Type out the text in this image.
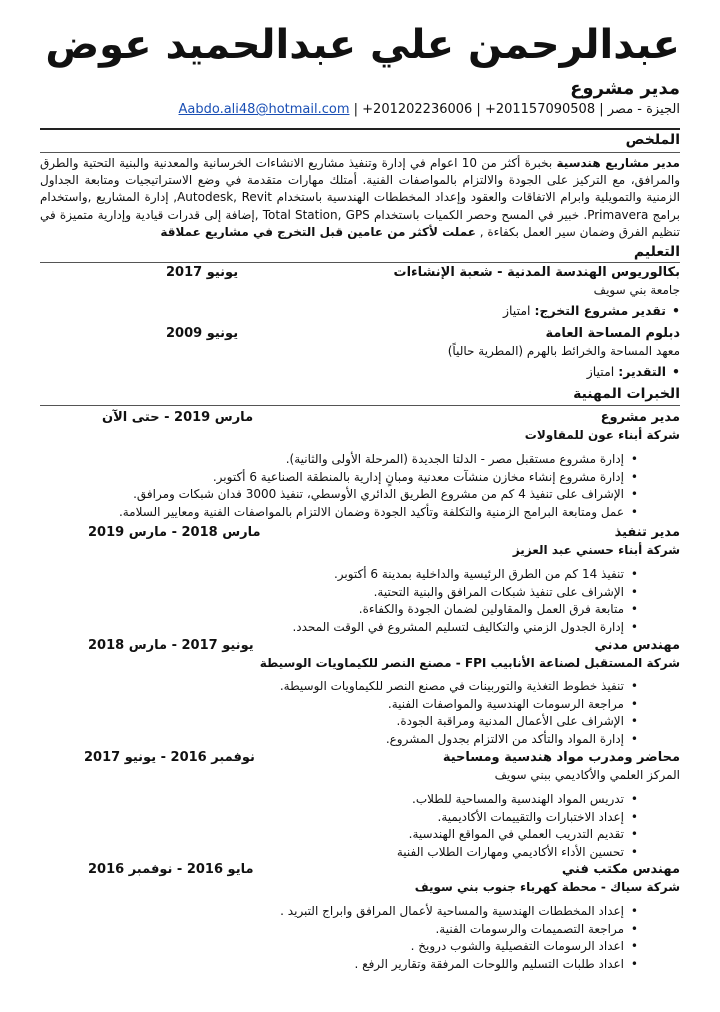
عبدالرحمن علي عبدالحميد عوض
مدير مشروع
الجيزة - مصر | Aabdo.ali48@hotmail.com | +201202236006 | +201157090508
الملخص
مدير مشاريع هندسية بخبرة أكثر من 10 اعوام في إدارة وتنفيذ مشاريع الانشاءات الخرسانية والمعدنية والبنية التحتية والطرق والمرافق، مع التركيز على الجودة والالتزام بالمواصفات الفنية. أمتلك مهارات متقدمة في وضع الاستراتيجيات ومتابعة الجداول الزمنية والتمويلية وابرام الاتفاقات والعقود وإعداد المخططات الهندسية باستخدام Autodesk, Revit, إدارة المشاريع ,واستخدام برامج Primavera. خبير في المسح وحصر الكميات باستخدام Total Station, GPS ,إضافة إلى قدرات قيادية وإدارية متميزة في تنظيم الفرق وضمان سير العمل بكفاءة , عملت لأكثر من عامين قبل التخرج في مشاريع عملاقة
التعليم
بكالوريوس الهندسة المدنية - شعبة الإنشاءات
يونيو 2017
جامعة بني سويف
•تقدير مشروع التخرج: امتياز
دبلوم المساحة العامة
يونيو 2009
معهد المساحة والخرائط بالهرم (المطرية حالياً)
•التقدير: امتياز
الخبرات المهنية
مدير مشروع
مارس 2019 - حتى الآن
شركة أبناء عون للمقاولات
• إدارة مشروع مستقبل مصر - الدلتا الجديدة (المرحلة الأولى والثانية).
• إدارة مشروع إنشاء مخازن منشآت معدنية ومبانٍ إدارية بالمنطقة الصناعية 6 أكتوبر.
• الإشراف على تنفيذ 4 كم من مشروع الطريق الدائري الأوسطي، تنفيذ 3000 فدان شبكات ومرافق.
• عمل ومتابعة البرامج الزمنية والتكلفة وتأكيد الجودة وضمان الالتزام بالمواصفات الفنية ومعايير السلامة.
مدير تنفيذ
مارس 2018 - مارس 2019
شركة أبناء حسني عبد العزيز
• تنفيذ 14 كم من الطرق الرئيسية والداخلية بمدينة 6 أكتوبر.
• الإشراف على تنفيذ شبكات المرافق والبنية التحتية.
• متابعة فرق العمل والمقاولين لضمان الجودة والكفاءة.
• إدارة الجدول الزمني والتكاليف لتسليم المشروع في الوقت المحدد.
مهندس مدني
يونيو 2017 - مارس 2018
شركة المستقبل لصناعة الأنابيب FPI - مصنع النصر للكيماويات الوسيطة
• تنفيذ خطوط التغذية والتوربينات في مصنع النصر للكيماويات الوسيطة.
• مراجعة الرسومات الهندسية والمواصفات الفنية.
• الإشراف على الأعمال المدنية ومراقبة الجودة.
• إدارة المواد والتأكد من الالتزام بجدول المشروع.
محاضر ومدرب مواد هندسية ومساحية
نوفمبر 2016 - يونيو 2017
المركز العلمي والأكاديمي ببني سويف
• تدريس المواد الهندسية والمساحية للطلاب.
• إعداد الاختبارات والتقييمات الأكاديمية.
• تقديم التدريب العملي في المواقع الهندسية.
• تحسين الأداء الأكاديمي ومهارات الطلاب الفنية
مهندس مكتب فني
مايو 2016 - نوفمبر 2016
شركة سياك - محطة كهرباء جنوب بني سويف
• إعداد المخططات الهندسية والمساحية لأعمال المرافق وابراج التبريد .
• مراجعة التصميمات والرسومات الفنية.
• اعداد الرسومات التفصيلية والشوب درويخ .
• اعداد طلبات التسليم واللوحات المرفقة وتقارير الرفع .
